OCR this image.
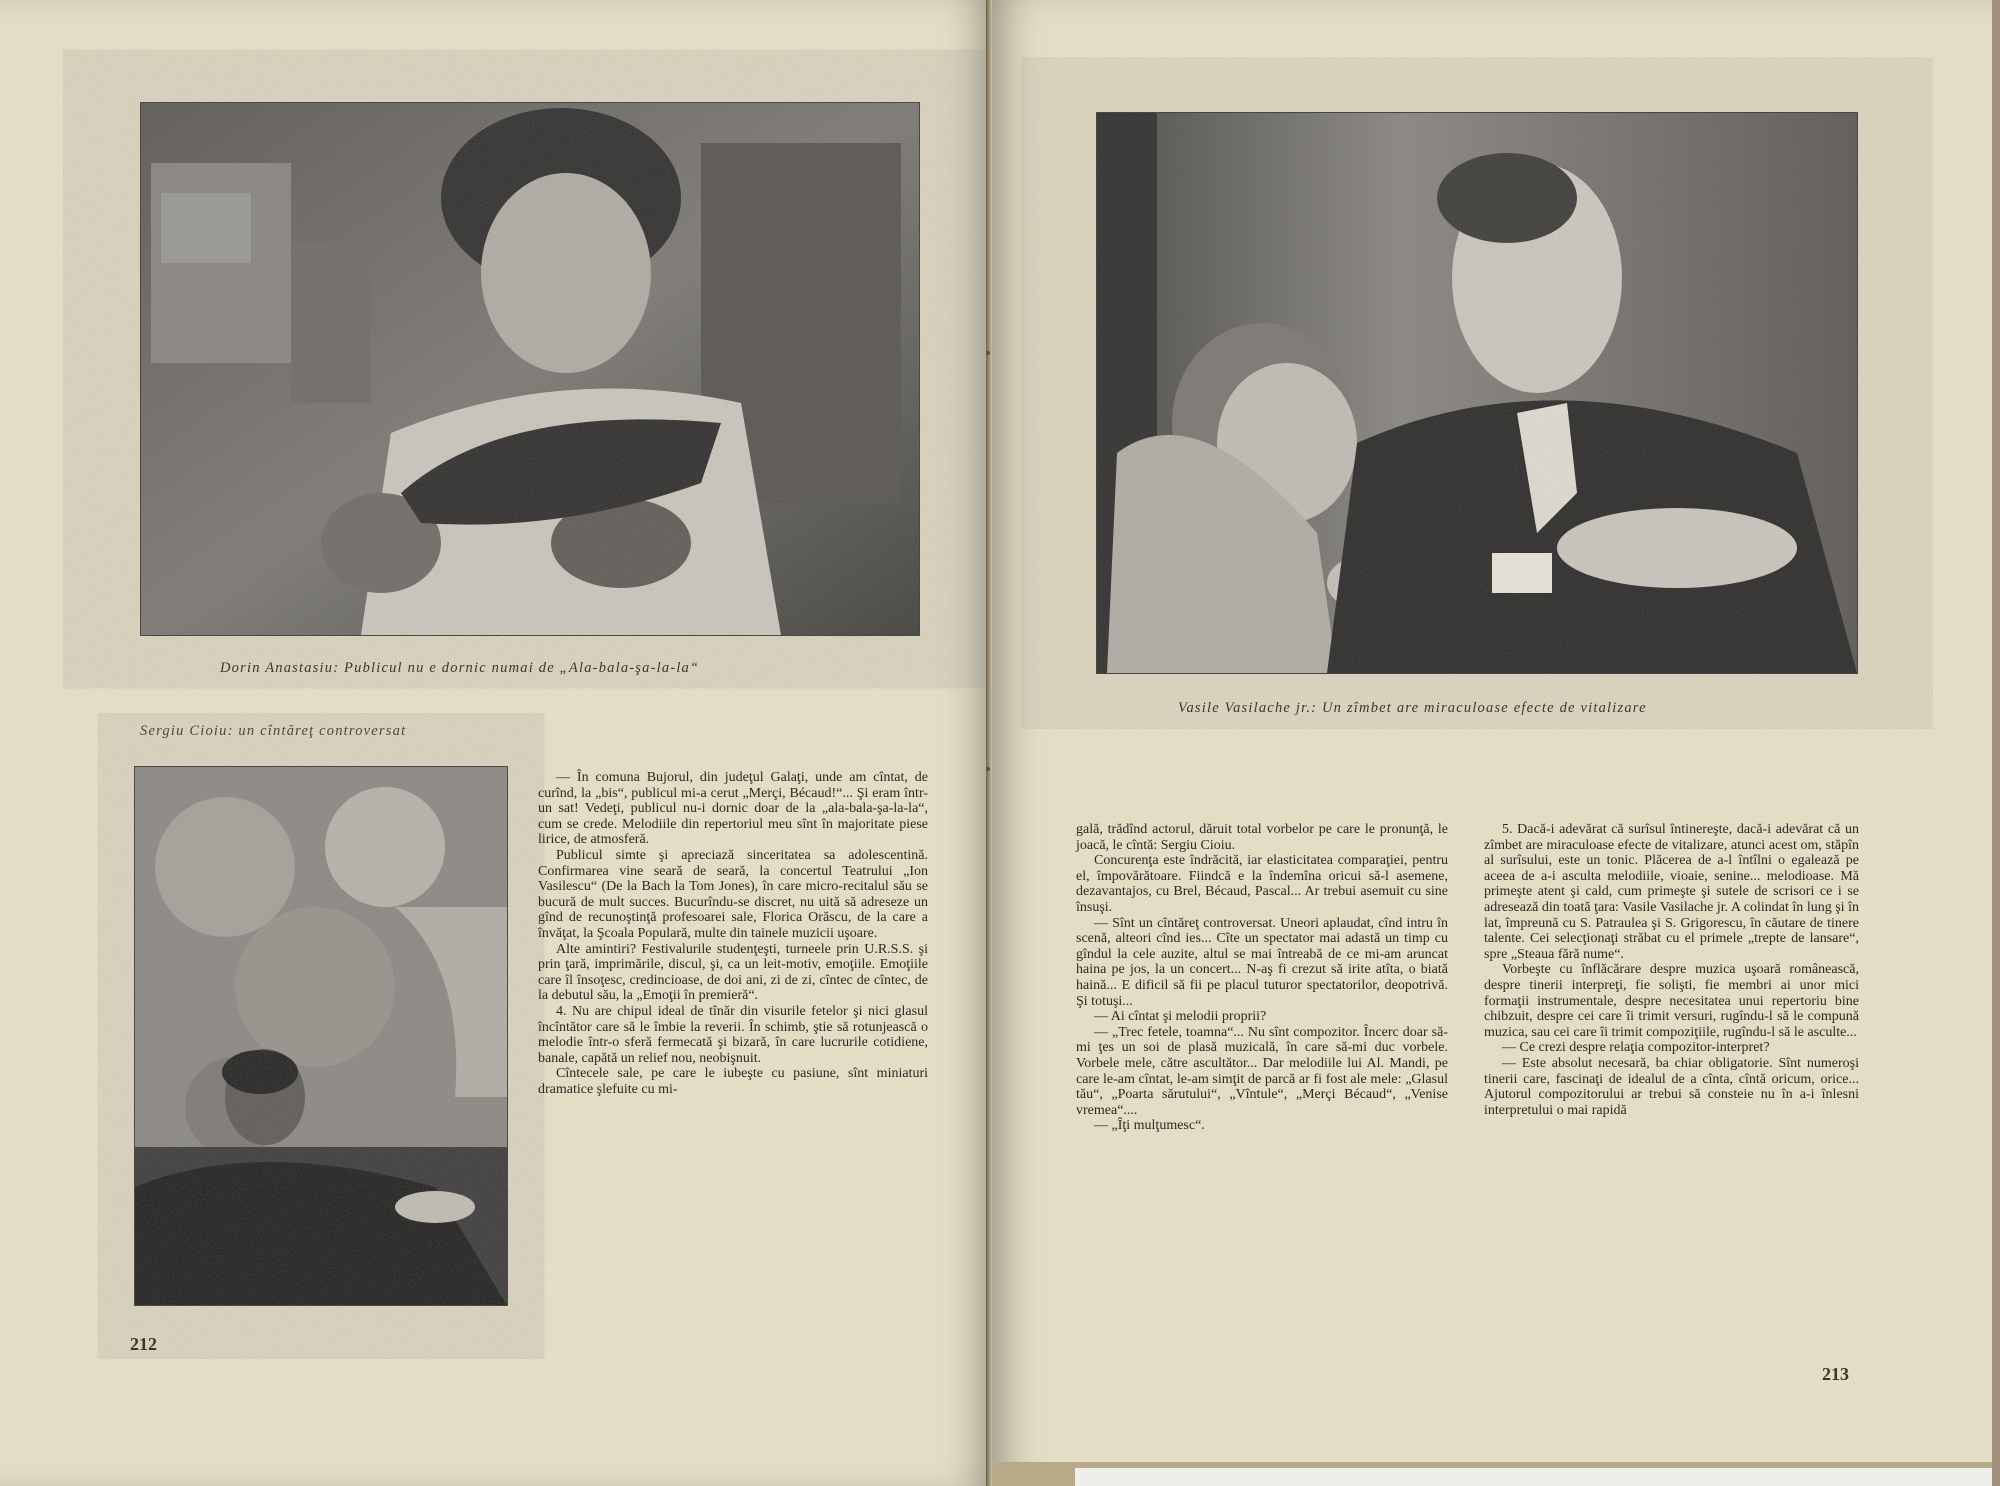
Dorin Anastasiu: Publicul nu e dornic numai de „Ala-bala-şa-la-la“
Sergiu Cioiu: un cîntăreţ controversat

— În comuna Bujorul, din judeţul Galaţi, unde am cîntat, de curînd, la „bis“, publicul mi-a cerut „Merçi, Bécaud!“... Şi eram într-un sat! Vedeţi, publicul nu-i dornic doar de la „ala-bala-şa-la-la“, cum se crede. Melodiile din repertoriul meu sînt în majoritate piese lirice, de atmosferă.

Publicul simte şi apreciază sinceritatea sa adolescentină. Confirmarea vine seară de seară, la concertul Teatrului „Ion Vasilescu“ (De la Bach la Tom Jones), în care micro-recitalul său se bucură de mult succes. Bucurîndu-se discret, nu uită să adreseze un gînd de recunoştinţă profesoarei sale, Florica Orăscu, de la care a învăţat, la Şcoala Populară, multe din tainele muzicii uşoare.

Alte amintiri? Festivalurile studenţeşti, turneele prin U.R.S.S. şi prin ţară, imprimările, discul, şi, ca un leit-motiv, emoţiile. Emoţiile care îl însoţesc, credincioase, de doi ani, zi de zi, cîntec de cîntec, de la debutul său, la „Emoţii în premieră“.

4. Nu are chipul ideal de tînăr din visurile fetelor şi nici glasul încîntător care să le îmbie la reverii. În schimb, ştie să rotunjească o melodie într-o sferă fermecată şi bizară, în care lucrurile cotidiene, banale, capătă un relief nou, neobişnuit.

Cîntecele sale, pe care le iubeşte cu pasiune, sînt miniaturi dramatice şlefuite cu mi-

212
Vasile Vasilache jr.: Un zîmbet are miraculoase efecte de vitalizare

gală, trădînd actorul, dăruit total vorbelor pe care le pronunţă, le joacă, le cîntă: Sergiu Cioiu.

Concurenţa este îndrăcită, iar elasticitatea comparaţiei, pentru el, împovărătoare. Fiindcă e la îndemîna oricui să-l asemene, dezavantajos, cu Brel, Bécaud, Pascal... Ar trebui asemuit cu sine însuşi.

— Sînt un cîntăreţ controversat. Uneori aplaudat, cînd intru în scenă, alteori cînd ies... Cîte un spectator mai adastă un timp cu gîndul la cele auzite, altul se mai întreabă de ce mi-am aruncat haina pe jos, la un concert... N-aş fi crezut să irite atîta, o biată haină... E dificil să fii pe placul tuturor spectatorilor, deopotrivă. Şi totuşi...

— Ai cîntat şi melodii proprii?

— „Trec fetele, toamna“... Nu sînt compozitor. Încerc doar să-mi ţes un soi de plasă muzicală, în care să-mi duc vorbele. Vorbele mele, către ascultător... Dar melodiile lui Al. Mandi, pe care le-am cîntat, le-am simţit de parcă ar fi fost ale mele: „Glasul tău“, „Poarta sărutului“, „Vîntule“, „Merçi Bécaud“, „Venise vremea“....

— „Îţi mulţumesc“.

5. Dacă-i adevărat că surîsul întinereşte, dacă-i adevărat că un zîmbet are miraculoase efecte de vitalizare, atunci acest om, stăpîn al surîsului, este un tonic. Plăcerea de a-l întîlni o egalează pe aceea de a-i asculta melodiile, vioaie, senine... melodioase. Mă primeşte atent şi cald, cum primeşte şi sutele de scrisori ce i se adresează din toată ţara: Vasile Vasilache jr. A colindat în lung şi în lat, împreună cu S. Patraulea şi S. Grigorescu, în căutare de tinere talente. Cei selecţionaţi străbat cu el primele „trepte de lansare“, spre „Steaua fără nume“.

Vorbeşte cu înflăcărare despre muzica uşoară românească, despre tinerii interpreţi, fie solişti, fie membri ai unor mici formaţii instrumentale, despre necesitatea unui repertoriu bine chibzuit, despre cei care îi trimit versuri, rugîndu-l să le compună muzica, sau cei care îi trimit compoziţiile, rugîndu-l să le asculte...

— Ce crezi despre relaţia compozitor-interpret?

— Este absolut necesară, ba chiar obligatorie. Sînt numeroşi tinerii care, fascinaţi de idealul de a cînta, cîntă oricum, orice... Ajutorul compozitorului ar trebui să consteie nu în a-i înlesni interpretului o mai rapidă

213
•
•
